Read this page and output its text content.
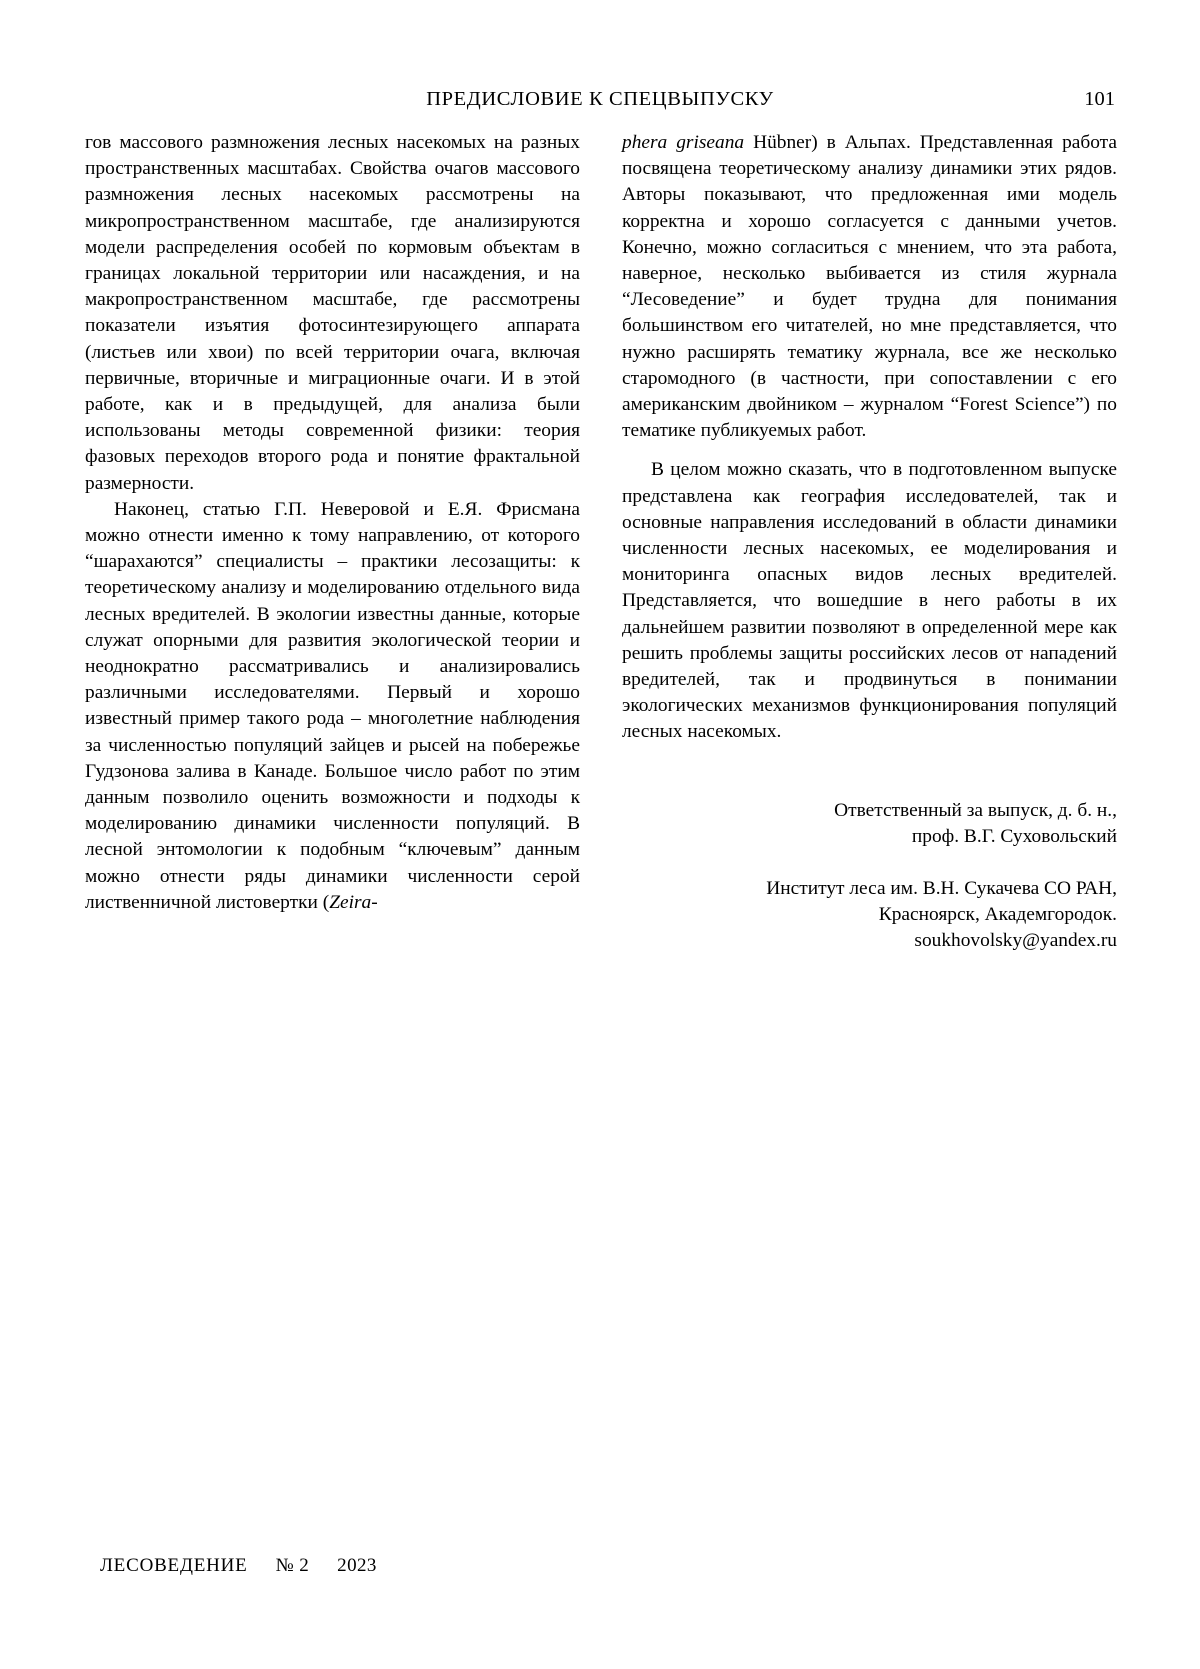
ПРЕДИСЛОВИЕ К СПЕЦВЫПУСКУ	101

гов массового размножения лесных насекомых на разных пространственных масштабах. Свойства очагов массового размножения лесных насекомых рассмотрены на микропространственном масштабе, где анализируются модели распределения особей по кормовым объектам в границах локальной территории или насаждения, и на макропространственном масштабе, где рассмотрены показатели изъятия фотосинтезирующего аппарата (листьев или хвои) по всей территории очага, включая первичные, вторичные и миграционные очаги. И в этой работе, как и в предыдущей, для анализа были использованы методы современной физики: теория фазовых переходов второго рода и понятие фрактальной размерности.

Наконец, статью Г.П. Неверовой и Е.Я. Фрисмана можно отнести именно к тому направлению, от которого “шарахаются” специалисты – практики лесозащиты: к теоретическому анализу и моделированию отдельного вида лесных вредителей. В экологии известны данные, которые служат опорными для развития экологической теории и неоднократно рассматривались и анализировались различными исследователями. Первый и хорошо известный пример такого рода – многолетние наблюдения за численностью популяций зайцев и рысей на побережье Гудзонова залива в Канаде. Большое число работ по этим данным позволило оценить возможности и подходы к моделированию динамики численности популяций. В лесной энтомологии к подобным “ключевым” данным можно отнести ряды динамики численности серой лиственничной листовертки (Zeira-

phera griseana Hübner) в Альпах. Представленная работа посвящена теоретическому анализу динамики этих рядов. Авторы показывают, что предложенная ими модель корректна и хорошо согласуется с данными учетов. Конечно, можно согласиться с мнением, что эта работа, наверное, несколько выбивается из стиля журнала “Лесоведение” и будет трудна для понимания большинством его читателей, но мне представляется, что нужно расширять тематику журнала, все же несколько старомодного (в частности, при сопоставлении с его американским двойником – журналом “Forest Science”) по тематике публикуемых работ.

В целом можно сказать, что в подготовленном выпуске представлена как география исследователей, так и основные направления исследований в области динамики численности лесных насекомых, ее моделирования и мониторинга опасных видов лесных вредителей. Представляется, что вошедшие в него работы в их дальнейшем развитии позволяют в определенной мере как решить проблемы защиты российских лесов от нападений вредителей, так и продвинуться в понимании экологических механизмов функционирования популяций лесных насекомых.

Ответственный за выпуск, д. б. н.,
проф. В.Г. Суховольский
Институт леса им. В.Н. Сукачева СО РАН,
Красноярск, Академгородок.
soukhovolsky@yandex.ru
ЛЕСОВЕДЕНИЕ № 2 2023
